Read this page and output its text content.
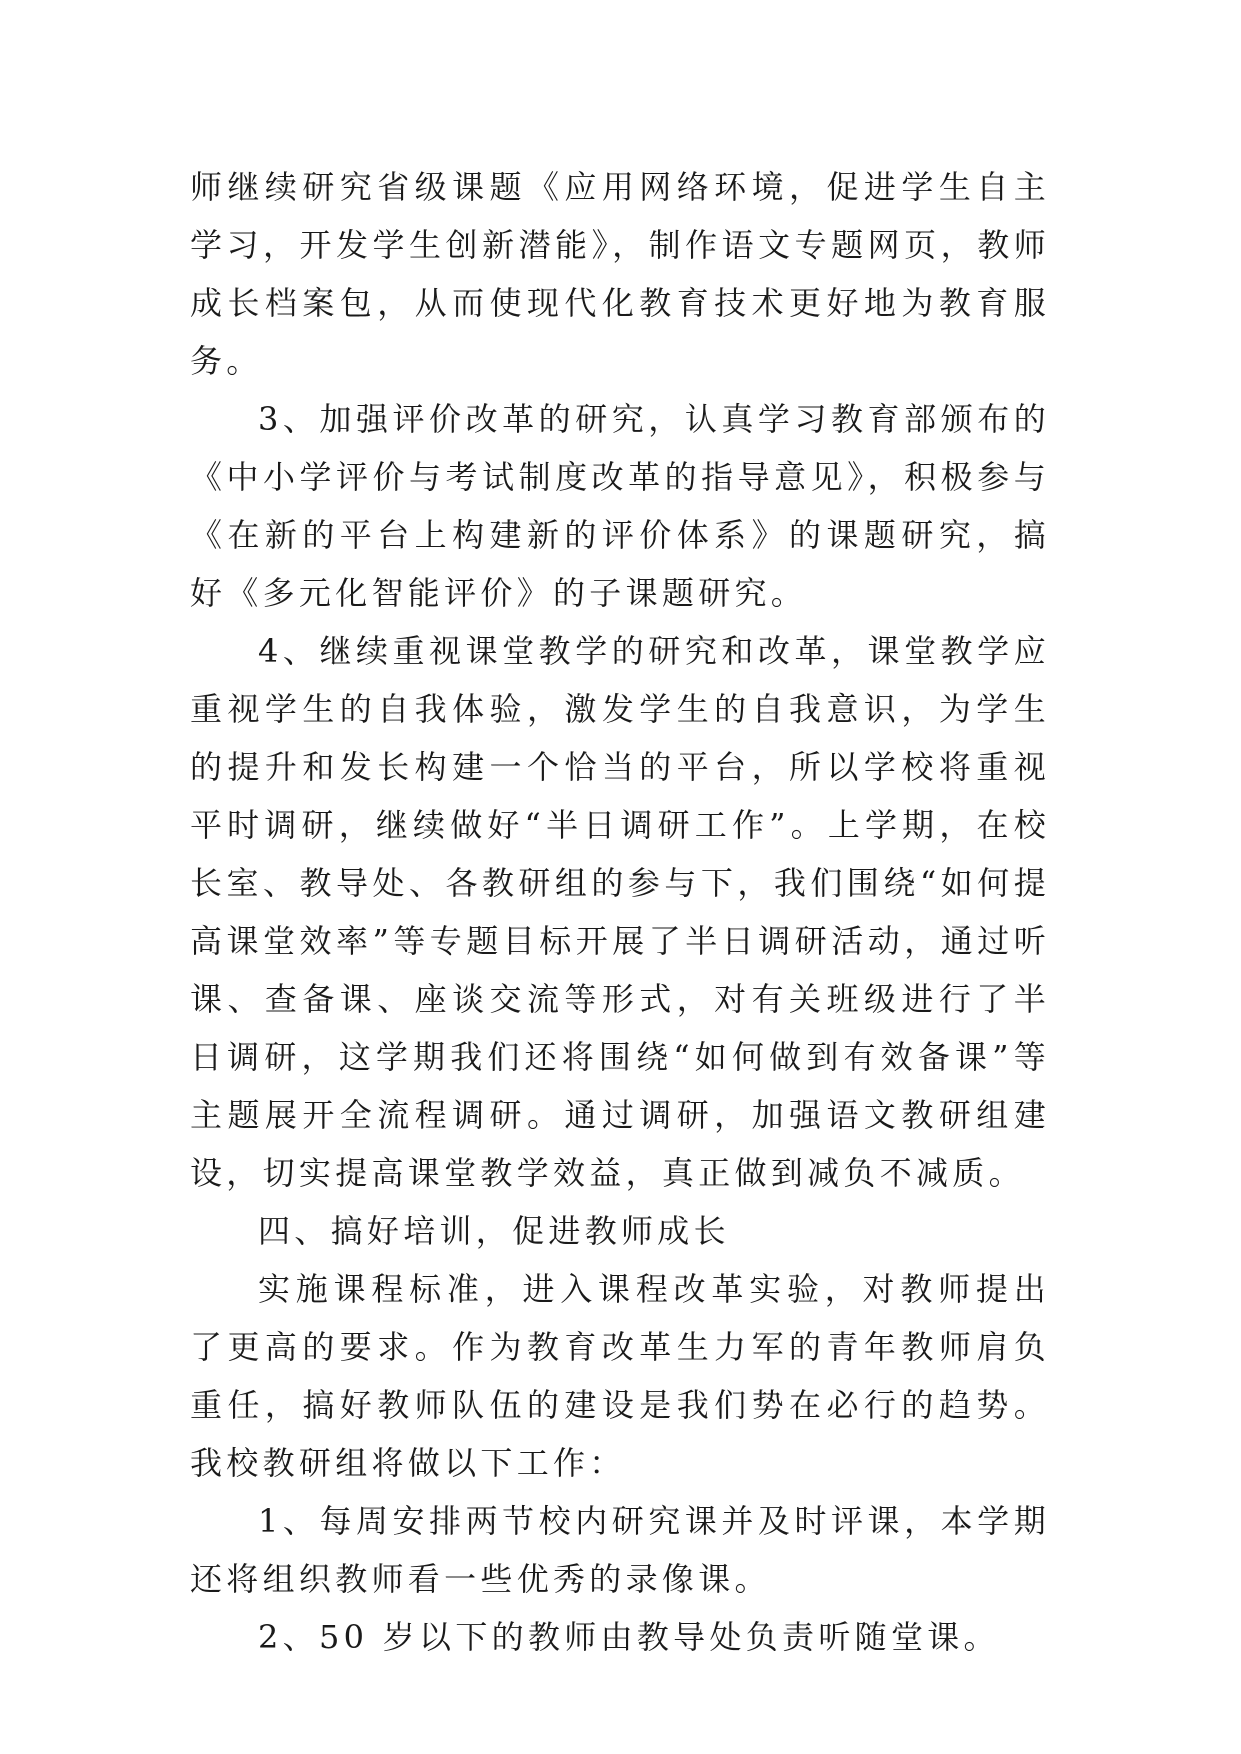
师继续研究省级课题《应用网络环境，促进学生自主学习，开发学生创新潜能》，制作语文专题网页，教师成长档案包，从而使现代化教育技术更好地为教育服务。

3、加强评价改革的研究，认真学习教育部颁布的《中小学评价与考试制度改革的指导意见》，积极参与《在新的平台上构建新的评价体系》的课题研究，搞好《多元化智能评价》的子课题研究。

4、继续重视课堂教学的研究和改革，课堂教学应重视学生的自我体验，激发学生的自我意识，为学生的提升和发长构建一个恰当的平台，所以学校将重视平时调研，继续做好“半日调研工作”。上学期，在校长室、教导处、各教研组的参与下，我们围绕“如何提高课堂效率”等专题目标开展了半日调研活动，通过听课、查备课、座谈交流等形式，对有关班级进行了半日调研，这学期我们还将围绕“如何做到有效备课”等主题展开全流程调研。通过调研，加强语文教研组建设，切实提高课堂教学效益，真正做到减负不减质。

四、搞好培训，促进教师成长

实施课程标准，进入课程改革实验，对教师提出了更高的要求。作为教育改革生力军的青年教师肩负重任，搞好教师队伍的建设是我们势在必行的趋势。我校教研组将做以下工作：

1、每周安排两节校内研究课并及时评课，本学期还将组织教师看一些优秀的录像课。

2、50 岁以下的教师由教导处负责听随堂课。
